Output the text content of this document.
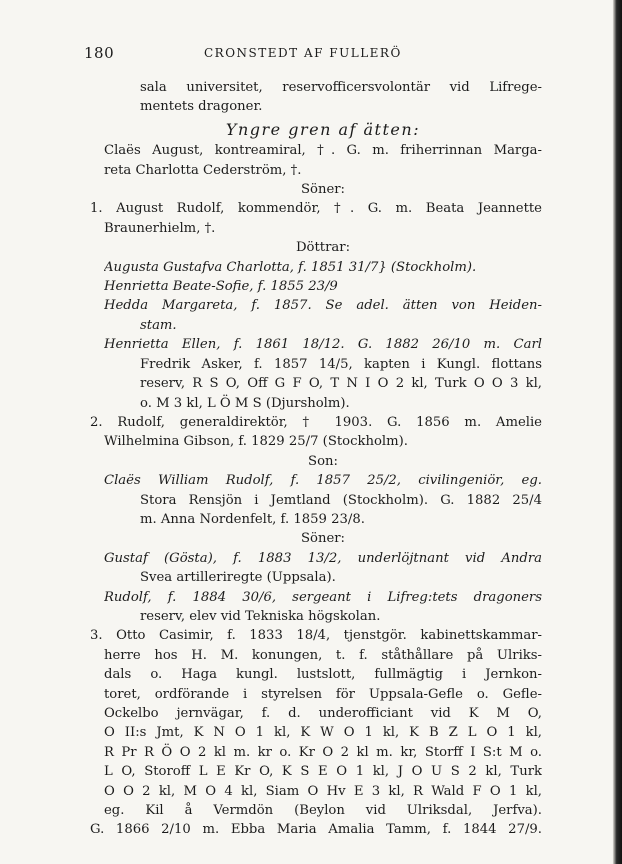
180	CRONSTEDT AF FULLERÖ
sala universitet, reservofficersvolontär vid Lifrege-
mentets dragoner.
Yngre gren af ätten:
Claës August, kontreamiral, †. G. m. friherrinnan Marga-
reta Charlotta Cederström, †.
Söner:
1. August Rudolf, kommendör, †. G. m. Beata Jeannette
Braunerhielm, †.
Döttrar:
Augusta Gustafva Charlotta, f. 1851 31/7} (Stockholm).
Henrietta Beate-Sofie, f. 1855 23/9
Hedda Margareta, f. 1857. Se adel. ätten von Heiden-
stam.
Henrietta Ellen, f. 1861 18/12. G. 1882 26/10 m. Carl
Fredrik Asker, f. 1857 14/5, kapten i Kungl. flottans
reserv, R S O, Off G F O, T N I O 2 kl, Turk O O 3 kl,
o. M 3 kl, L Ö M S (Djursholm).
2. Rudolf, generaldirektör, † 1903. G. 1856 m. Amelie
Wilhelmina Gibson, f. 1829 25/7 (Stockholm).
Son:
Claës William Rudolf, f. 1857 25/2, civilingeniör, eg.
Stora Rensjön i Jemtland (Stockholm). G. 1882 25/4
m. Anna Nordenfelt, f. 1859 23/8.
Söner:
Gustaf (Gösta), f. 1883 13/2, underlöjtnant vid Andra
Svea artilleriregte (Uppsala).
Rudolf, f. 1884 30/6, sergeant i Lifreg:tets dragoners
reserv, elev vid Tekniska högskolan.
3. Otto Casimir, f. 1833 18/4, tjenstgör. kabinettskammar-
herre hos H. M. konungen, t. f. ståthållare på Ulriks-
dals o. Haga kungl. lustslott, fullmägtig i Jernkon-
toret, ordförande i styrelsen för Uppsala-Gefle o. Gefle-
Ockelbo jernvägar, f. d. underofficiant vid K M O,
O II:s Jmt, K N O 1 kl, K W O 1 kl, K B Z L O 1 kl,
R Pr R Ö O 2 kl m. kr o. Kr O 2 kl m. kr, Storff I S:t M o.
L O, Storoff L E Kr O, K S E O 1 kl, J O U S 2 kl, Turk
O O 2 kl, M O 4 kl, Siam O Hv E 3 kl, R Wald F O 1 kl,
eg. Kil å Vermdön (Beylon vid Ulriksdal, Jerfva).
G. 1866 2/10 m. Ebba Maria Amalia Tamm, f. 1844 27/9.
